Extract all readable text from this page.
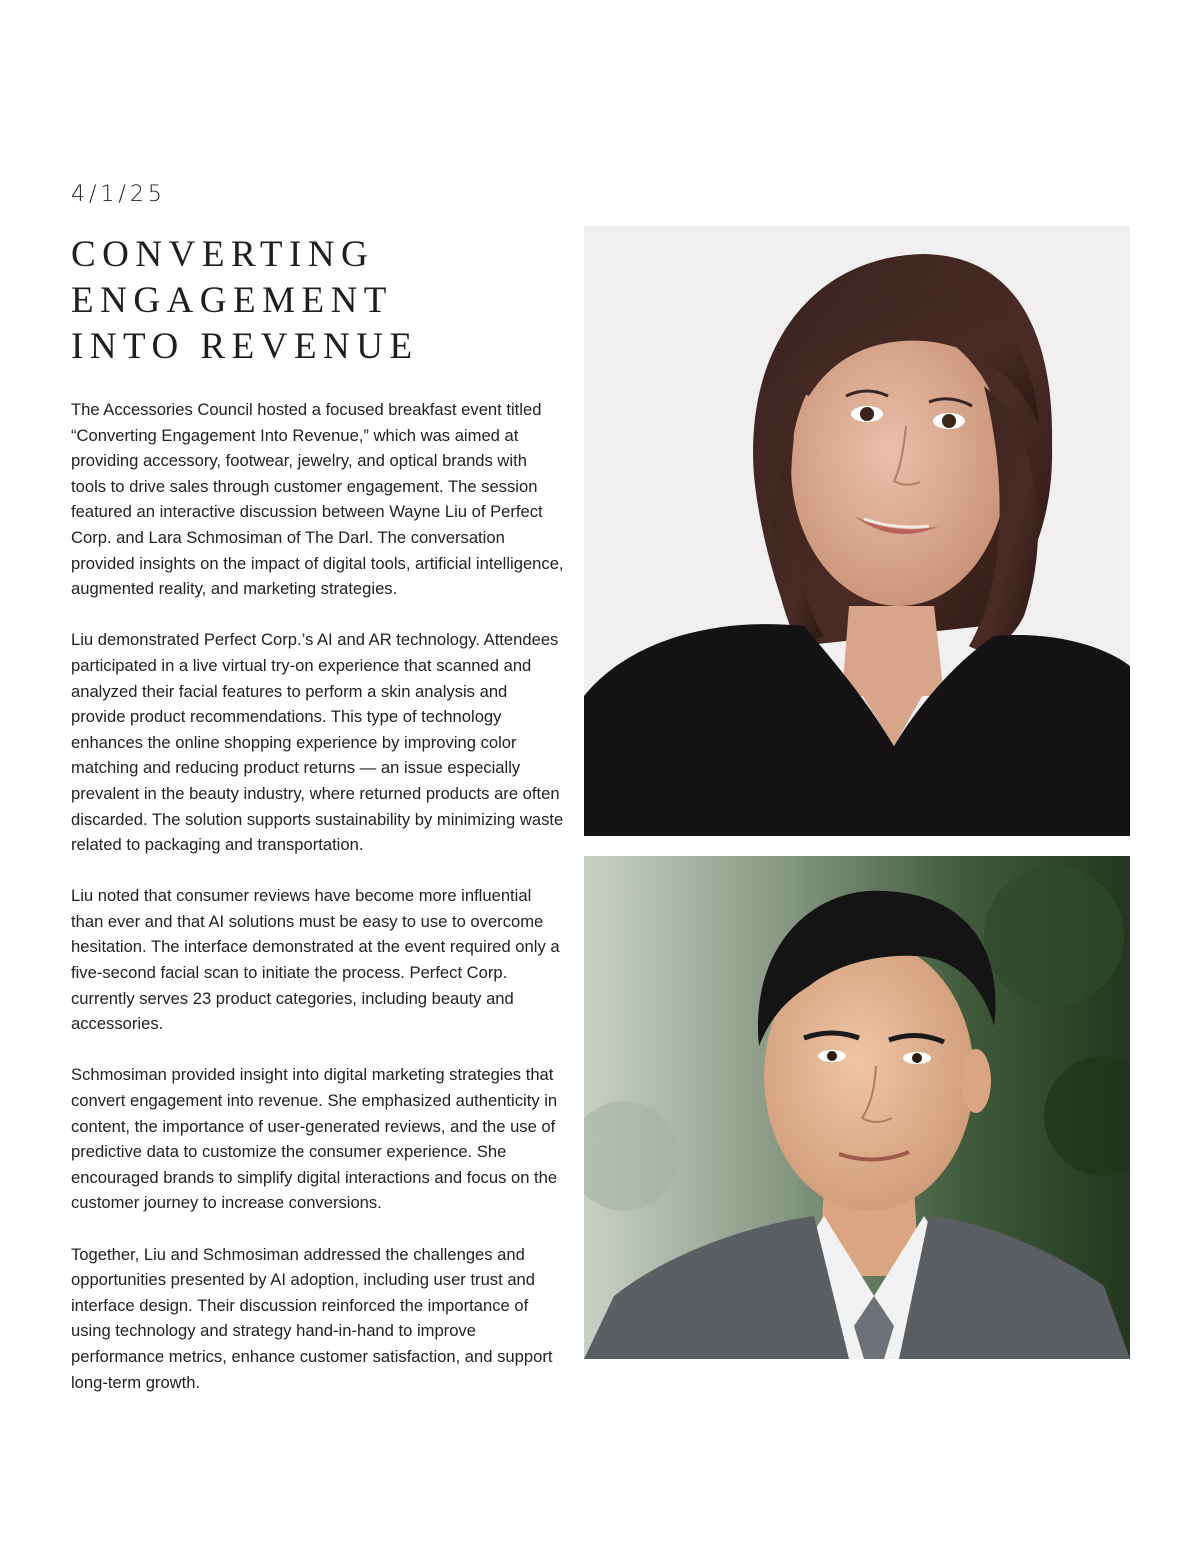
4/1/25
CONVERTING
ENGAGEMENT
INTO REVENUE

The Accessories Council hosted a focused breakfast event titled “Converting Engagement Into Revenue,” which was aimed at providing accessory, footwear, jewelry, and optical brands with tools to drive sales through customer engagement. The session featured an interactive discussion between Wayne Liu of Perfect Corp. and Lara Schmosiman of The Darl. The conversation provided insights on the impact of digital tools, artificial intelligence, augmented reality, and marketing strategies.

Liu demonstrated Perfect Corp.’s AI and AR technology. Attendees participated in a live virtual try-on experience that scanned and analyzed their facial features to perform a skin analysis and provide product recommendations. This type of technology enhances the online shopping experience by improving color matching and reducing product returns — an issue especially prevalent in the beauty industry, where returned products are often discarded. The solution supports sustainability by minimizing waste related to packaging and transportation.

Liu noted that consumer reviews have become more influential than ever and that AI solutions must be easy to use to overcome hesitation. The interface demonstrated at the event required only a five-second facial scan to initiate the process. Perfect Corp. currently serves 23 product categories, including beauty and accessories.

Schmosiman provided insight into digital marketing strategies that convert engagement into revenue. She emphasized authenticity in content, the importance of user-generated reviews, and the use of predictive data to customize the consumer experience. She encouraged brands to simplify digital interactions and focus on the customer journey to increase conversions.

Together, Liu and Schmosiman addressed the challenges and opportunities presented by AI adoption, including user trust and interface design. Their discussion reinforced the importance of using technology and strategy hand-in-hand to improve performance metrics, enhance customer satisfaction, and support long-term growth.
